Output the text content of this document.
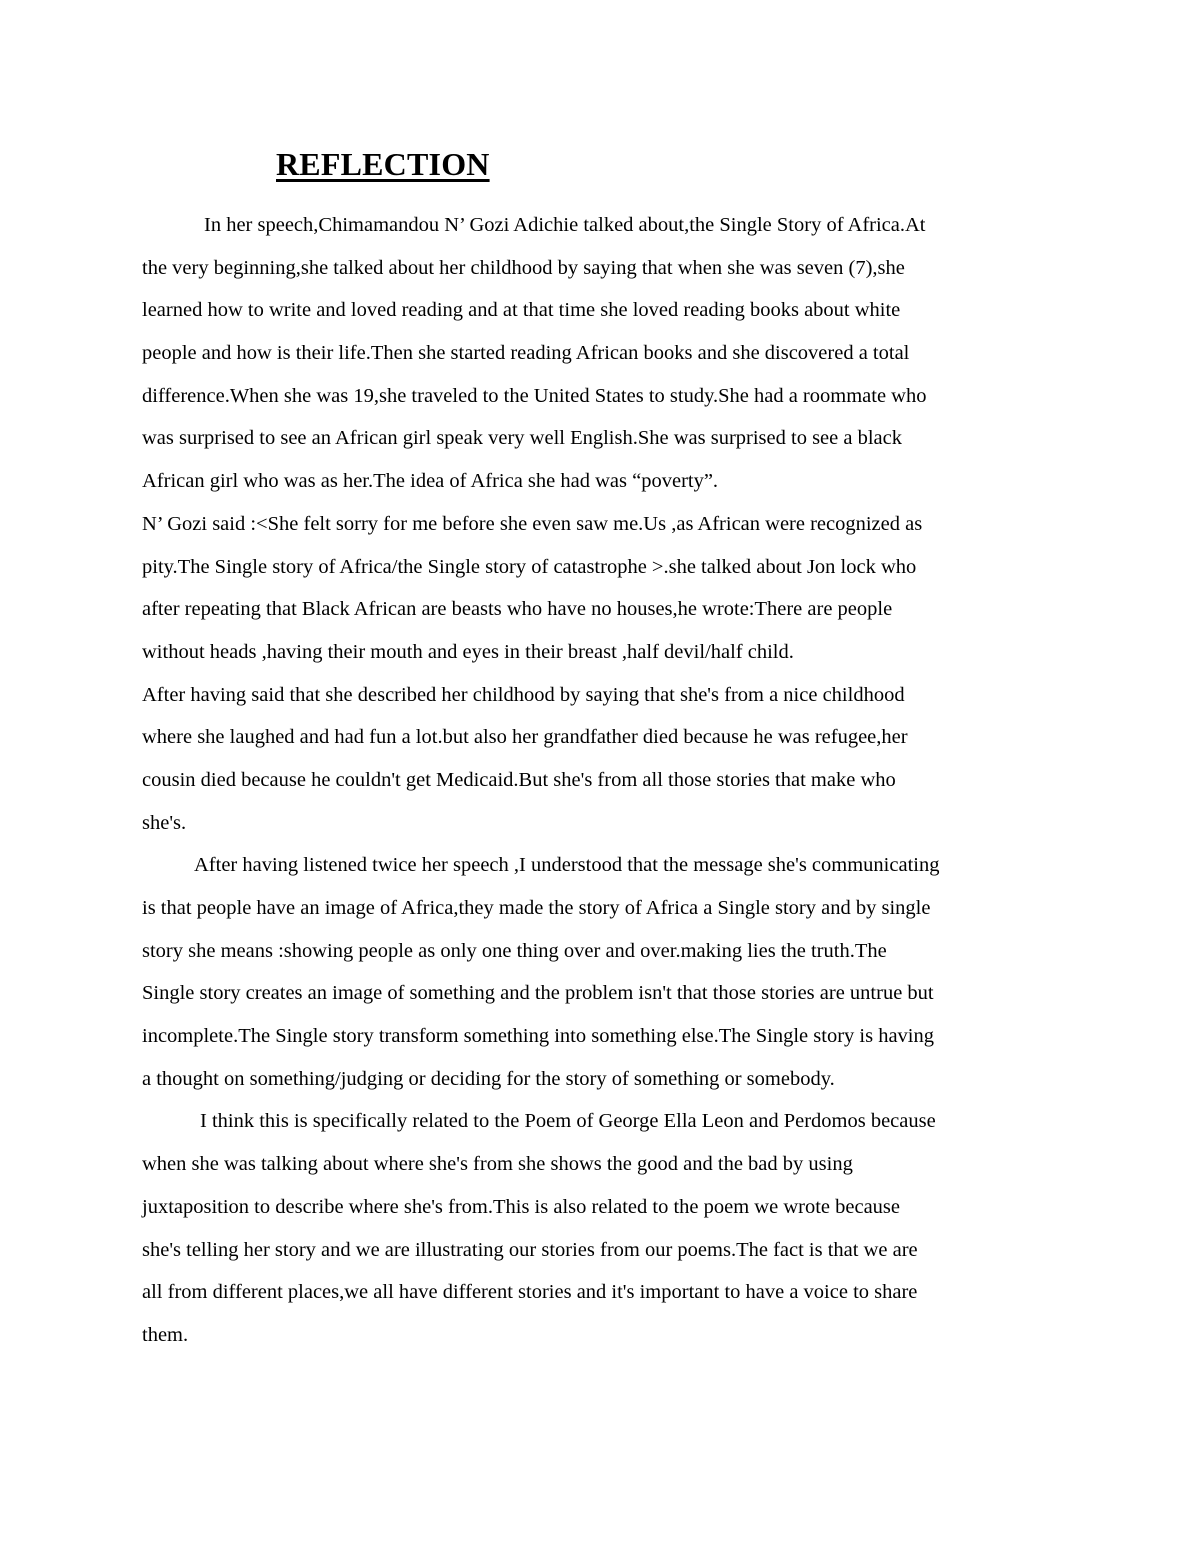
REFLECTION
In her speech,Chimamandou N’ Gozi Adichie talked about,the Single Story of Africa.At
the very beginning,she talked about her childhood by saying that when she was seven (7),she
learned how to write and loved reading and at that time she loved reading books about white
people and how is their life.Then she started reading African books and she discovered a total
difference.When she was 19,she traveled to the United States to study.She had a roommate who
was surprised to see an African girl speak very well English.She was surprised to see a black
African girl who was as her.The idea of Africa she had was “poverty”.
N’ Gozi said :<She felt sorry for me before she even saw me.Us ,as African were recognized as
pity.The Single story of Africa/the Single story of catastrophe >.she talked about Jon lock who
after repeating that Black African are beasts who have no houses,he wrote:There are people
without heads ,having their mouth and eyes in their breast ,half devil/half child.
After having said that she described her childhood by saying that she's from a nice childhood
where she laughed and had fun a lot.but also her grandfather died because he was refugee,her
cousin died because he couldn't get Medicaid.But she's from all those stories that make who
she's.
After having listened twice her speech ,I understood that the message she's communicating
is that people have an image of Africa,they made the story of Africa a Single story and by single
story she means :showing people as only one thing over and over.making lies the truth.The
Single story creates an image of something and the problem isn't that those stories are untrue but
incomplete.The Single story transform something into something else.The Single story is having
a thought on something/judging or deciding for the story of something or somebody.
I think this is specifically related to the Poem of George Ella Leon and Perdomos because
when she was talking about where she's from she shows the good and the bad by using
juxtaposition to describe where she's from.This is also related to the poem we wrote because
she's telling her story and we are illustrating our stories from our poems.The fact is that we are
all from different places,we all have different stories and it's important to have a voice to share
them.
